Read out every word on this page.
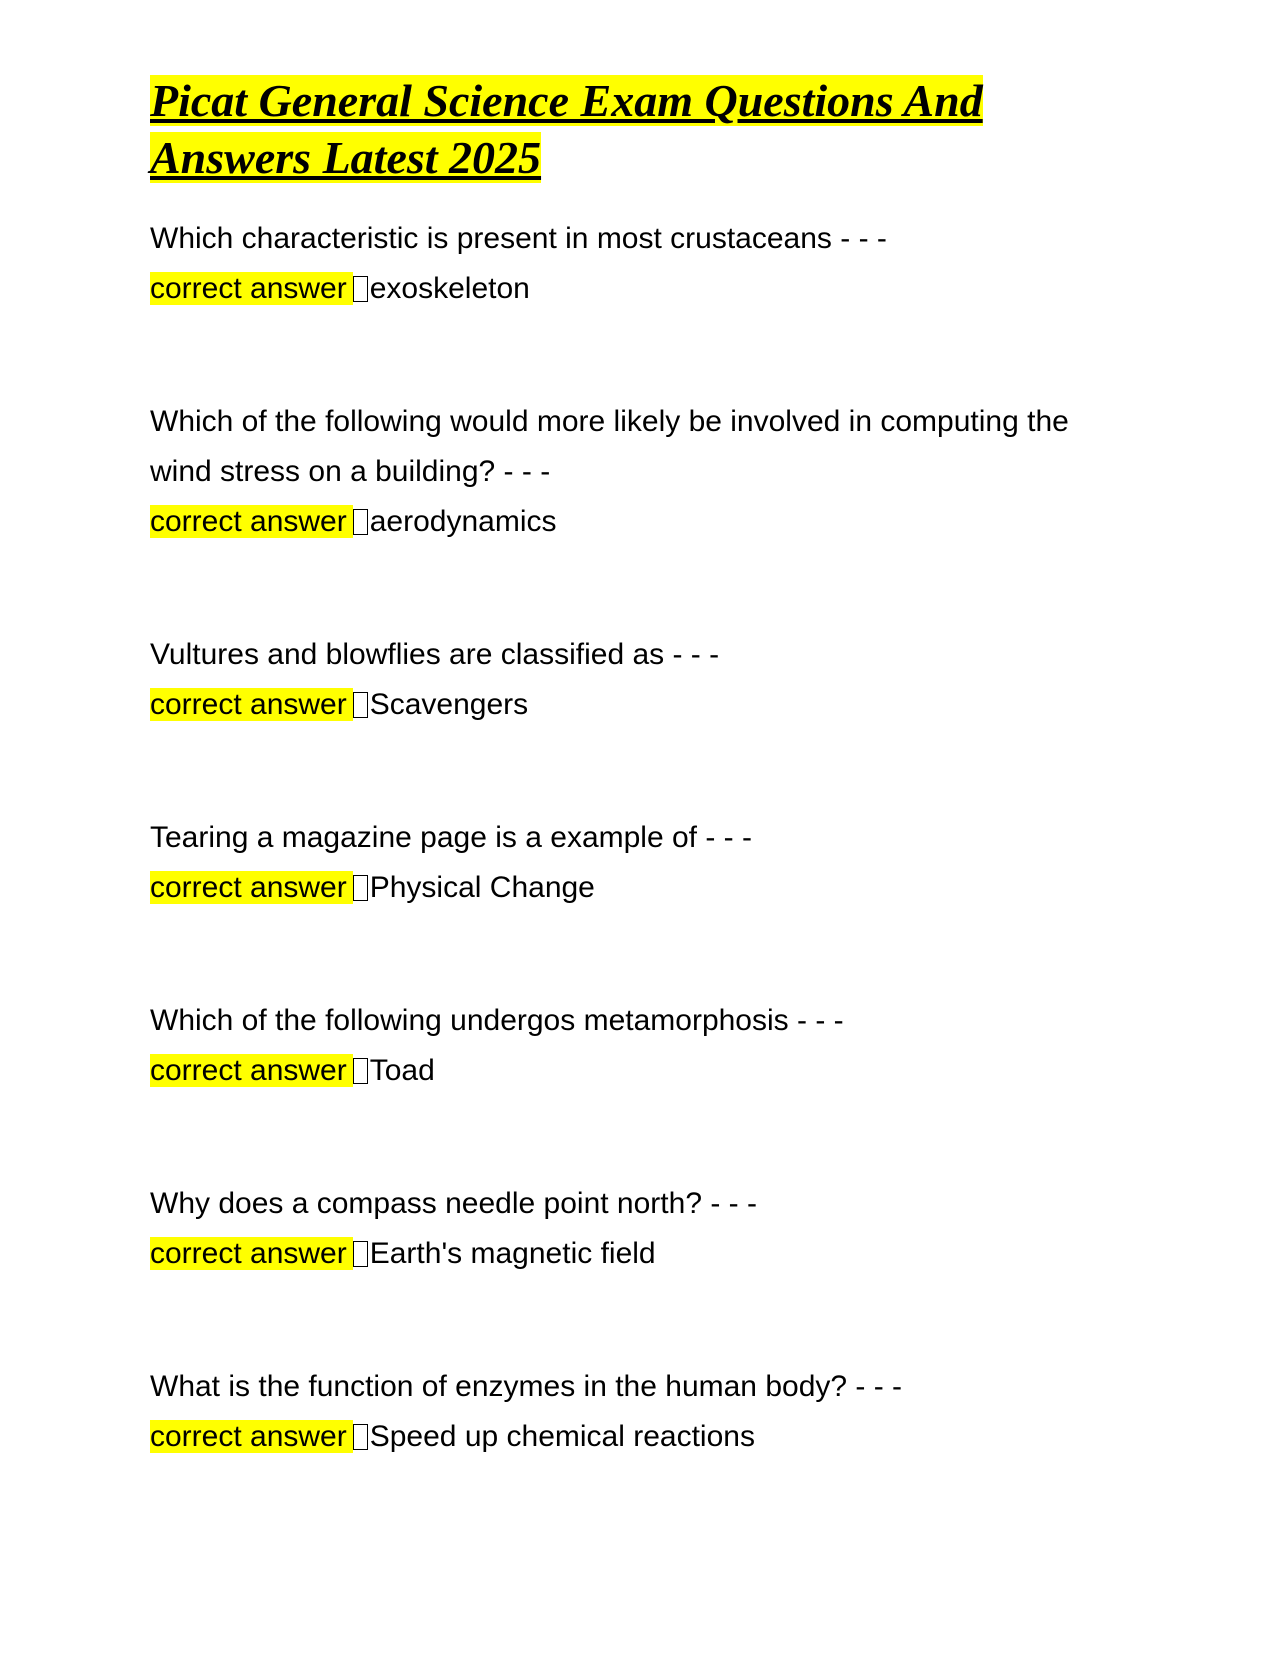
Picat General Science Exam Questions And Answers Latest 2025
Which characteristic is present in most crustaceans - - -
correct answer exoskeleton
Which of the following would more likely be involved in computing the wind stress on a building? - - -
correct answer aerodynamics
Vultures and blowflies are classified as - - -
correct answer Scavengers
Tearing a magazine page is a example of - - -
correct answer Physical Change
Which of the following undergos metamorphosis - - -
correct answer Toad
Why does a compass needle point north? - - -
correct answer Earth's magnetic field
What is the function of enzymes in the human body? - - -
correct answer Speed up chemical reactions
